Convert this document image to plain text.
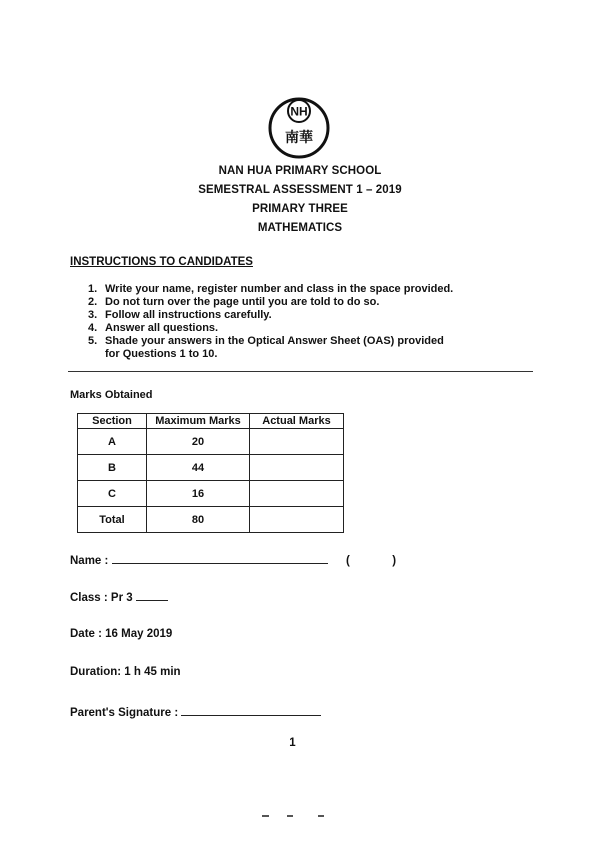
NH
南華
NAN HUA PRIMARY SCHOOL
SEMESTRAL ASSESSMENT 1 – 2019
PRIMARY THREE
MATHEMATICS
INSTRUCTIONS TO CANDIDATES
1. Write your name, register number and class in the space provided.
2. Do not turn over the page until you are told to do so.
3. Follow all instructions carefully.
4. Answer all questions.
5. Shade your answers in the Optical Answer Sheet (OAS) provided
for Questions 1 to 10.
Marks Obtained
Section	Maximum Marks	Actual Marks
A	20	
B	44	
C	16	
Total	80	
Name :	(	)
Class : Pr 3
Date : 16 May 2019
Duration: 1 h 45 min
Parent's Signature :
1
